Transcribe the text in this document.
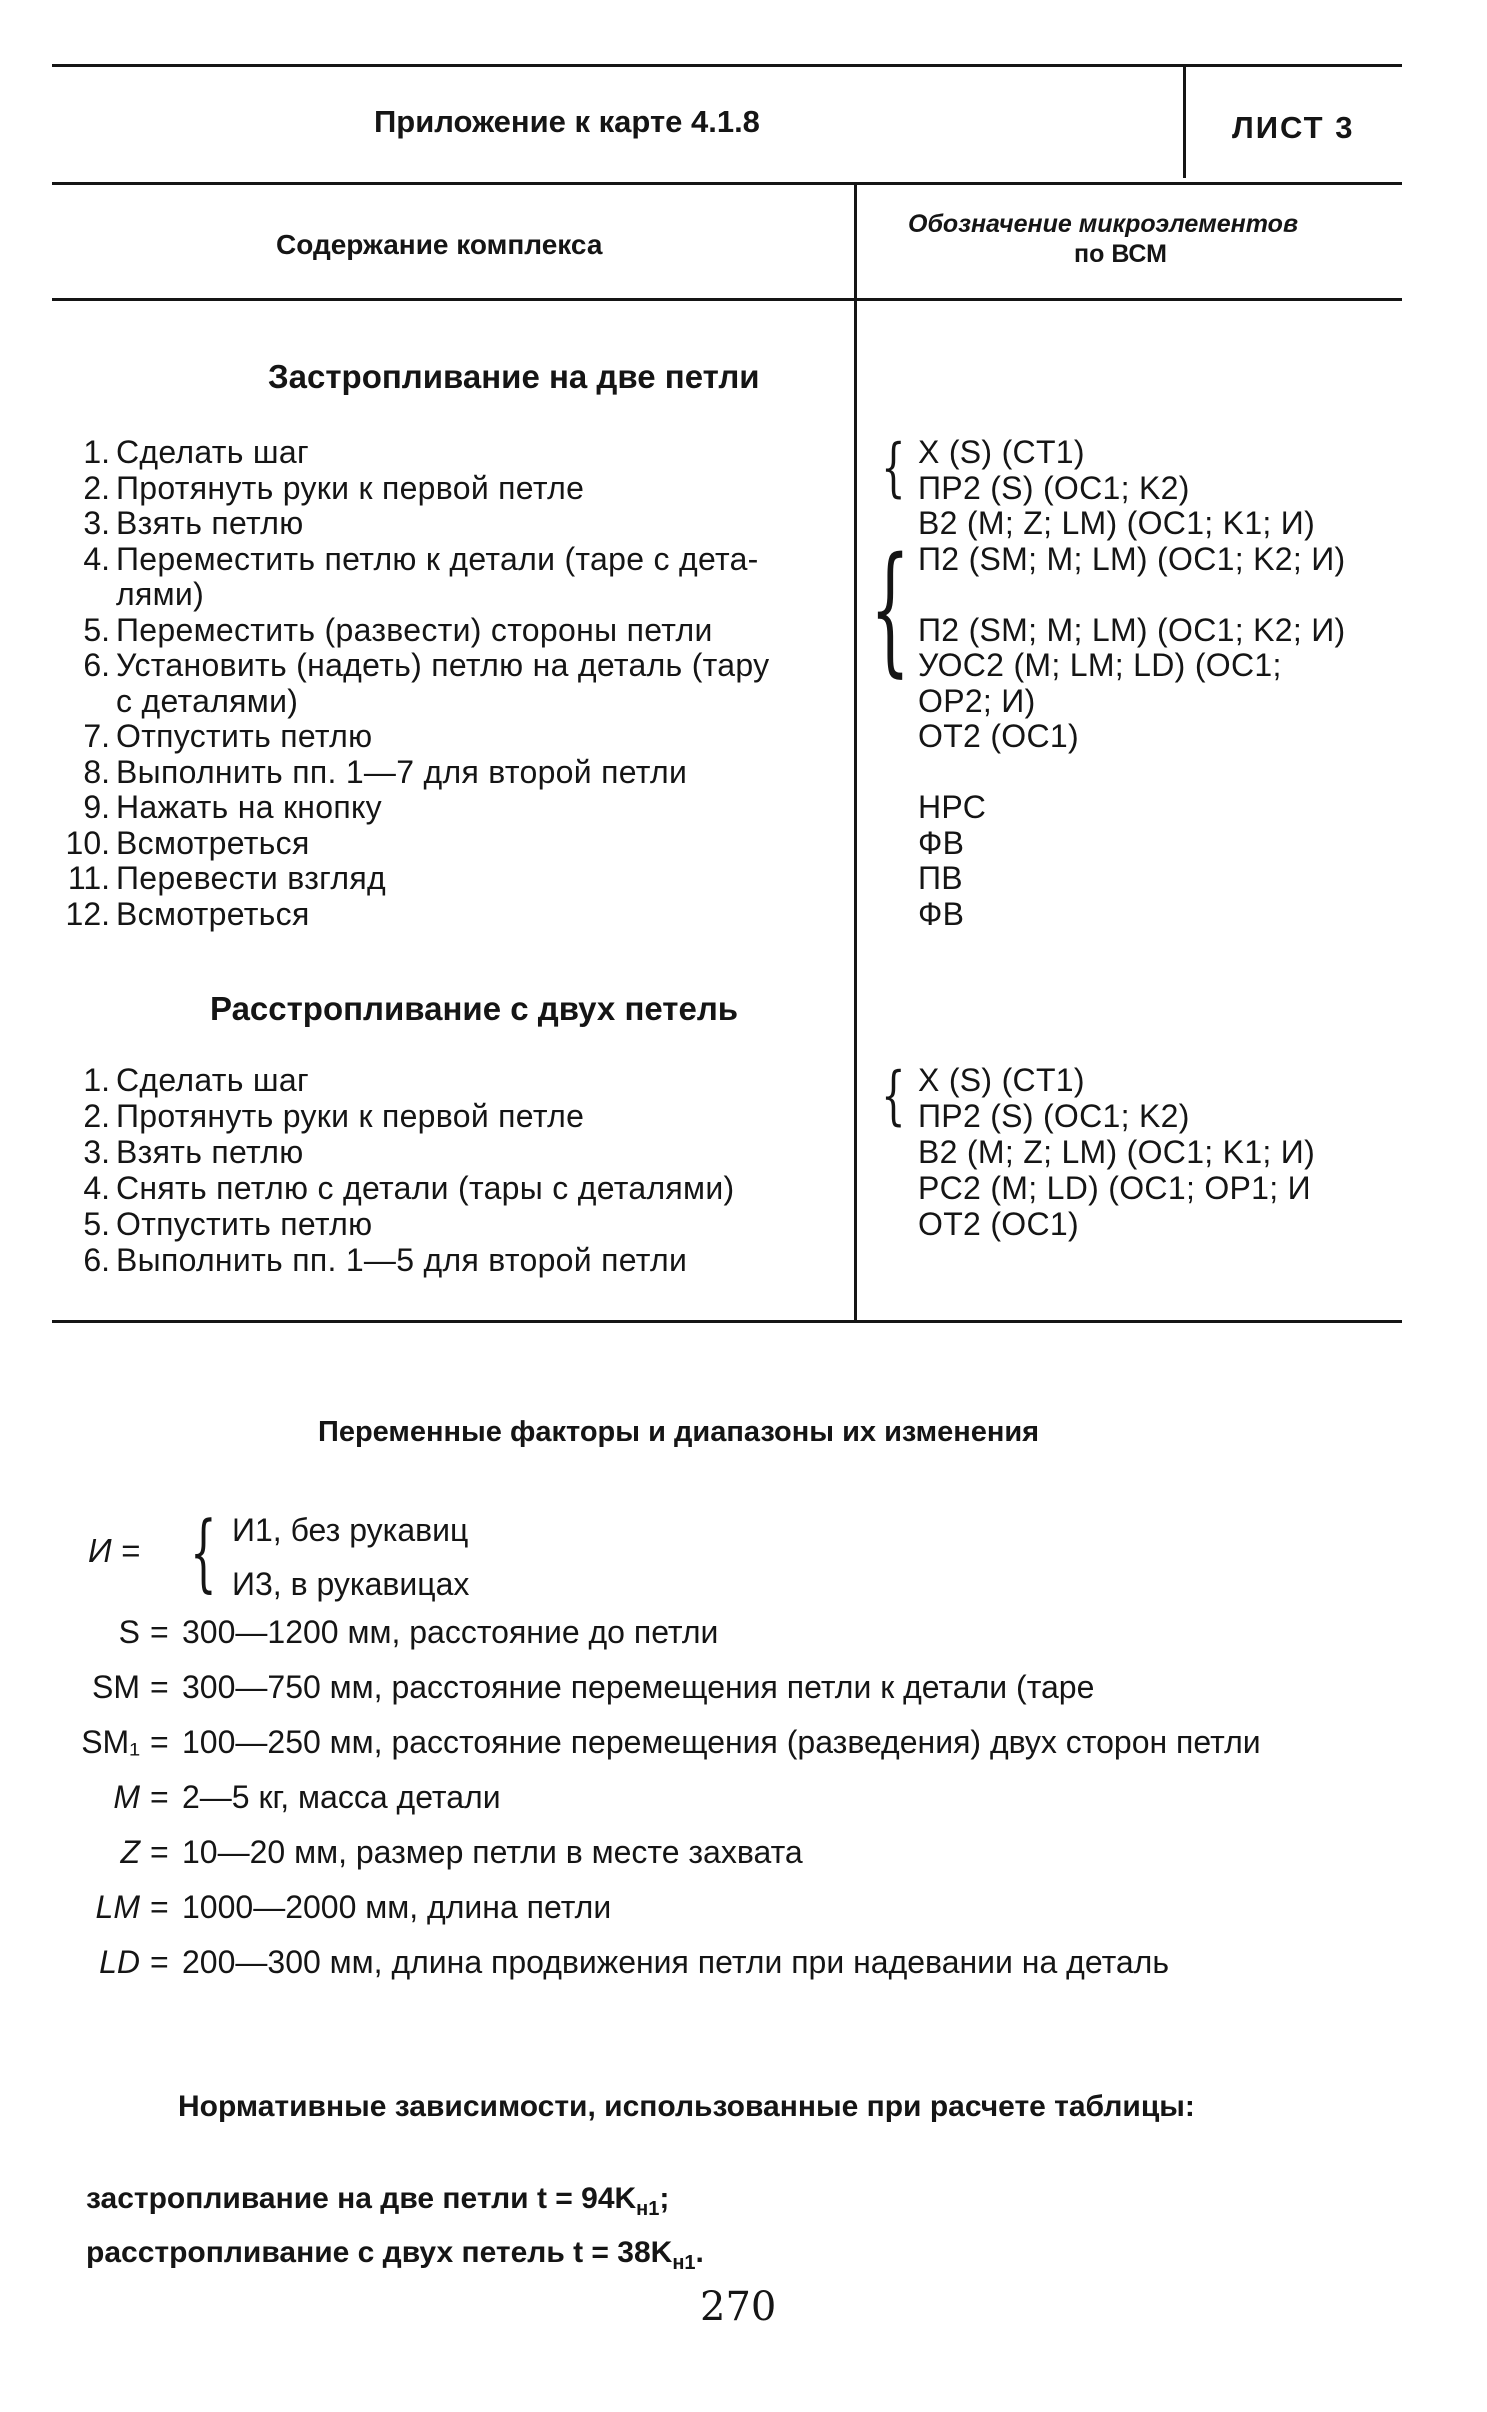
Приложение к карте 4.1.8	ЛИСТ 3
Содержание комплекса
Обозначение микроэлементов
по ВСМ
Застропливание на две петли
1. Сделать шаг	X (S) (CT1)
2. Протянуть руки к первой петле	ПР2 (S) (OC1; K2)
3. Взять петлю	B2 (M; Z; LM) (OC1; K1; И)
4. Переместить петлю к детали (таре с дета-	П2 (SM; M; LM) (OC1; K2; И)
лями)
5. Переместить (развести) стороны петли	П2 (SM; M; LM) (OC1; K2; И)
6. Установить (надеть) петлю на деталь (тару	УОС2 (M; LM; LD) (OC1;
с деталями)	OP2; И)
7. Отпустить петлю	OT2 (OC1)
8. Выполнить пп. 1—7 для второй петли
9. Нажать на кнопку	НРС
10. Всмотреться	ФВ
11. Перевести взгляд	ПВ
12. Всмотреться	ФВ
{
{
Расстропливание с двух петель
1. Сделать шаг	X (S) (CT1)
2. Протянуть руки к первой петле	ПР2 (S) (OC1; K2)
3. Взять петлю	B2 (M; Z; LM) (OC1; K1; И)
4. Снять петлю с детали (тары с деталями)	PC2 (M; LD) (OC1; OP1; И
5. Отпустить петлю	OT2 (OC1)
6. Выполнить пп. 1—5 для второй петли
{
Переменные факторы и диапазоны их изменения
И = { И1, без рукавиц
И3, в рукавицах
S = 300—1200 мм, расстояние до петли
SM = 300—750 мм, расстояние перемещения петли к детали (таре
SM₁ = 100—250 мм, расстояние перемещения (разведения) двух сторон петли
M = 2—5 кг, масса детали
Z = 10—20 мм, размер петли в месте захвата
LM = 1000—2000 мм, длина петли
LD = 200—300 мм, длина продвижения петли при надевании на деталь
Нормативные зависимости, использованные при расчете таблицы:
застропливание на две петли $t = 94K_{н1}$;
расстропливание с двух петель $t = 38K_{н1}$.
270
